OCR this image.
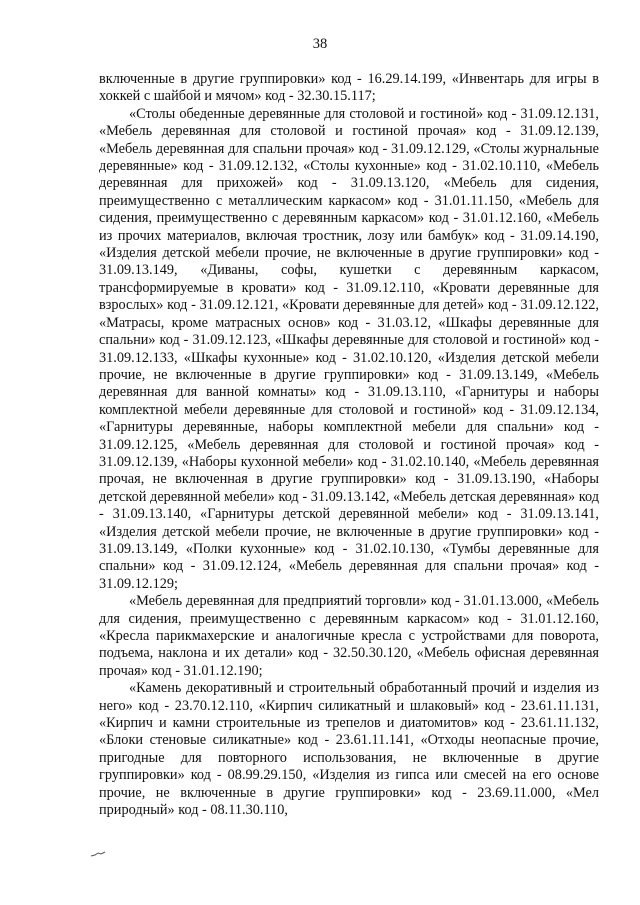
38

включенные в другие группировки» код - 16.29.14.199, «Инвентарь для игры в хоккей с шайбой и мячом» код - 32.30.15.117;

«Столы обеденные деревянные для столовой и гостиной» код - 31.09.12.131, «Мебель деревянная для столовой и гостиной прочая» код - 31.09.12.139, «Мебель деревянная для спальни прочая» код - 31.09.12.129, «Столы журнальные деревянные» код - 31.09.12.132, «Столы кухонные» код - 31.02.10.110, «Мебель деревянная для прихожей» код - 31.09.13.120, «Мебель для сидения, преимущественно с металлическим каркасом» код - 31.01.11.150, «Мебель для сидения, преимущественно с деревянным каркасом» код - 31.01.12.160, «Мебель из прочих материалов, включая тростник, лозу или бамбук» код - 31.09.14.190, «Изделия детской мебели прочие, не включенные в другие группировки» код - 31.09.13.149, «Диваны, софы, кушетки с деревянным каркасом, трансформируемые в кровати» код - 31.09.12.110, «Кровати деревянные для взрослых» код - 31.09.12.121, «Кровати деревянные для детей» код - 31.09.12.122, «Матрасы, кроме матрасных основ» код - 31.03.12, «Шкафы деревянные для спальни» код - 31.09.12.123, «Шкафы деревянные для столовой и гостиной» код - 31.09.12.133, «Шкафы кухонные» код - 31.02.10.120, «Изделия детской мебели прочие, не включенные в другие группировки» код - 31.09.13.149, «Мебель деревянная для ванной комнаты» код - 31.09.13.110, «Гарнитуры и наборы комплектной мебели деревянные для столовой и гостиной» код - 31.09.12.134, «Гарнитуры деревянные, наборы комплектной мебели для спальни» код - 31.09.12.125, «Мебель деревянная для столовой и гостиной прочая» код - 31.09.12.139, «Наборы кухонной мебели» код - 31.02.10.140, «Мебель деревянная прочая, не включенная в другие группировки» код - 31.09.13.190, «Наборы детской деревянной мебели» код - 31.09.13.142, «Мебель детская деревянная» код - 31.09.13.140, «Гарнитуры детской деревянной мебели» код - 31.09.13.141, «Изделия детской мебели прочие, не включенные в другие группировки» код - 31.09.13.149, «Полки кухонные» код - 31.02.10.130, «Тумбы деревянные для спальни» код - 31.09.12.124, «Мебель деревянная для спальни прочая» код - 31.09.12.129;

«Мебель деревянная для предприятий торговли» код - 31.01.13.000, «Мебель для сидения, преимущественно с деревянным каркасом» код - 31.01.12.160, «Кресла парикмахерские и аналогичные кресла с устройствами для поворота, подъема, наклона и их детали» код - 32.50.30.120, «Мебель офисная деревянная прочая» код - 31.01.12.190;

«Камень декоративный и строительный обработанный прочий и изделия из него» код - 23.70.12.110, «Кирпич силикатный и шлаковый» код - 23.61.11.131, «Кирпич и камни строительные из трепелов и диатомитов» код - 23.61.11.132, «Блоки стеновые силикатные» код - 23.61.11.141, «Отходы неопасные прочие, пригодные для повторного использования, не включенные в другие группировки» код - 08.99.29.150, «Изделия из гипса или смесей на его основе прочие, не включенные в другие группировки» код - 23.69.11.000, «Мел природный» код - 08.11.30.110,
